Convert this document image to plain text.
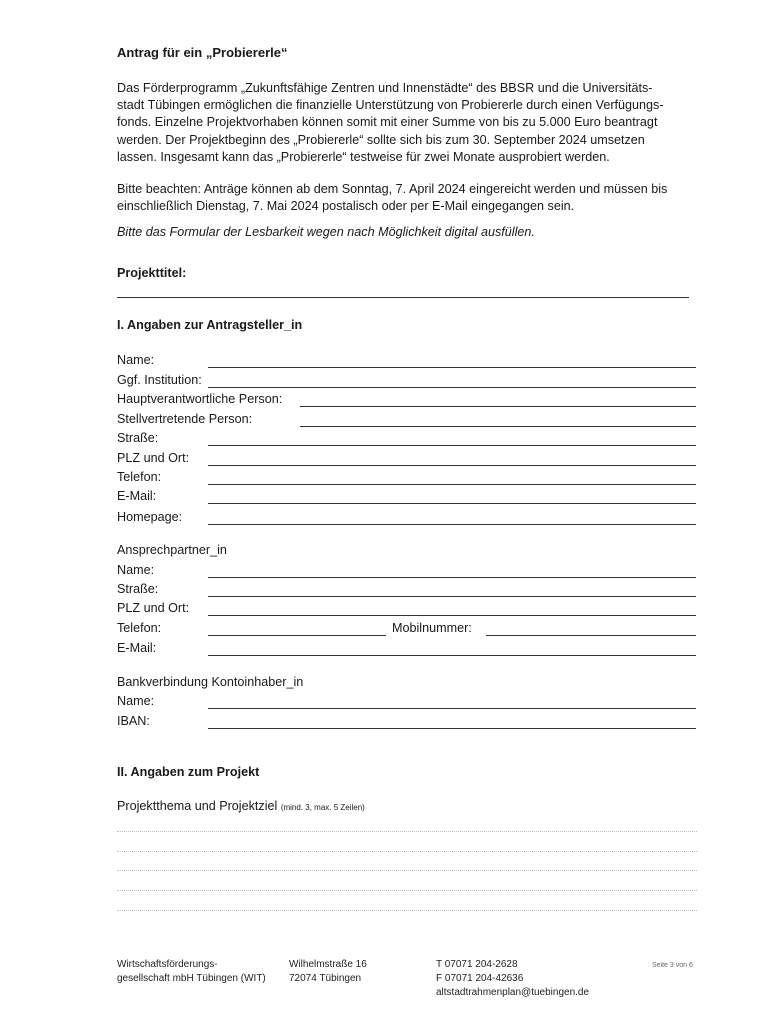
Antrag für ein „Probiererle“
Das Förderprogramm „Zukunftsfähige Zentren und Innenstädte“ des BBSR und die Universitäts-
stadt Tübingen ermöglichen die finanzielle Unterstützung von Probiererle durch einen Verfügungs-
fonds. Einzelne Projektvorhaben können somit mit einer Summe von bis zu 5.000 Euro beantragt
werden. Der Projektbeginn des „Probiererle“ sollte sich bis zum 30. September 2024 umsetzen
lassen. Insgesamt kann das „Probiererle“ testweise für zwei Monate ausprobiert werden.
Bitte beachten: Anträge können ab dem Sonntag, 7. April 2024 eingereicht werden und müssen bis
einschließlich Dienstag, 7. Mai 2024 postalisch oder per E-Mail eingegangen sein.
Bitte das Formular der Lesbarkeit wegen nach Möglichkeit digital ausfüllen.
Projekttitel:
I. Angaben zur Antragsteller_in
Name:
Ggf. Institution:
Hauptverantwortliche Person:
Stellvertretende Person:
Straße:
PLZ und Ort:
Telefon:
E-Mail:
Homepage:
Ansprechpartner_in
Name:
Straße:
PLZ und Ort:
Telefon:	Mobilnummer:
E-Mail:
Bankverbindung Kontoinhaber_in
Name:
IBAN:
II. Angaben zum Projekt
Projektthema und Projektziel (mind. 3, max. 5 Zeilen)
Wirtschaftsförderungs-
gesellschaft mbH Tübingen (WIT)
Wilhelmstraße 16
72074 Tübingen
T 07071 204-2628
F 07071 204-42636
altstadtrahmenplan@tuebingen.de
Seite 3 von 6
